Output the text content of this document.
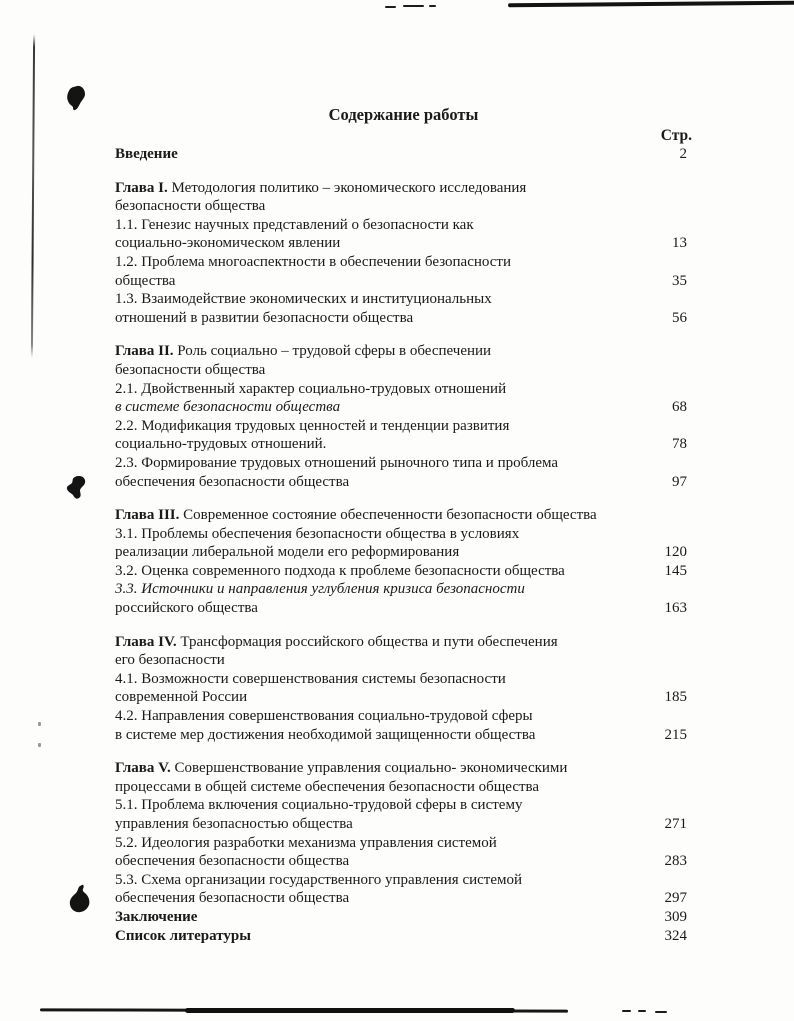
Содержание работы
Стр.
Введение	2
Глава I. Методология политико – экономического исследования
безопасности общества
1.1. Генезис научных представлений о безопасности как
социально-экономическом явлении	13
1.2. Проблема многоаспектности в обеспечении безопасности
общества	35
1.3. Взаимодействие экономических и институциональных
отношений в развитии безопасности общества	56
Глава II. Роль социально – трудовой сферы в обеспечении
безопасности общества
2.1. Двойственный характер социально-трудовых отношений
в системе безопасности общества	68
2.2. Модификация трудовых ценностей и тенденции развития
социально-трудовых отношений.	78
2.3. Формирование трудовых отношений рыночного типа и проблема
обеспечения безопасности общества	97
Глава III. Современное состояние обеспеченности безопасности общества
3.1. Проблемы обеспечения безопасности общества в условиях
реализации либеральной модели его реформирования	120
3.2. Оценка современного подхода к проблеме безопасности общества	145
3.3. Источники и направления углубления кризиса безопасности
российского общества	163
Глава IV. Трансформация российского общества и пути обеспечения
его безопасности
4.1. Возможности совершенствования системы безопасности
современной России	185
4.2. Направления совершенствования социально-трудовой сферы
в системе мер достижения необходимой защищенности общества	215
Глава V. Совершенствование управления социально- экономическими
процессами в общей системе обеспечения безопасности общества
5.1. Проблема включения социально-трудовой сферы в систему
управления безопасностью общества	271
5.2. Идеология разработки механизма управления системой
обеспечения безопасности общества	283
5.3. Схема организации государственного управления системой
обеспечения безопасности общества	297
Заключение	309
Список литературы	324
